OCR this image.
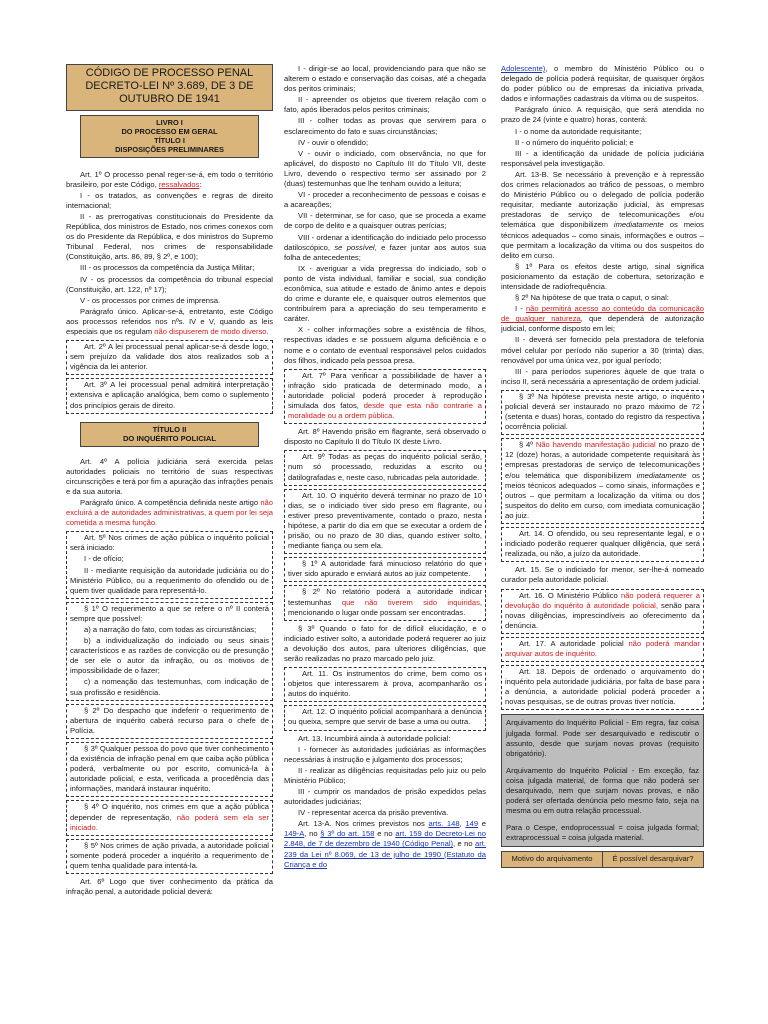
CÓDIGO DE PROCESSO PENAL DECRETO-LEI Nº 3.689, DE 3 DE OUTUBRO DE 1941
LIVRO I
DO PROCESSO EM GERAL
TÍTULO I
DISPOSIÇÕES PRELIMINARES

Art. 1º O processo penal reger-se-á, em todo o território brasileiro, por este Código, ressalvados:

I - os tratados, as convenções e regras de direito internacional;

II - as prerrogativas constitucionais do Presidente da República, dos ministros de Estado, nos crimes conexos com os do Presidente da República, e dos ministros do Supremo Tribunal Federal, nos crimes de responsabilidade (Constituição, arts. 86, 89, § 2º, e 100);

III - os processos da competência da Justiça Militar;

IV - os processos da competência do tribunal especial (Constituição, art. 122, nº 17);

V - os processos por crimes de imprensa.

Parágrafo único. Aplicar-se-á, entretanto, este Código aos processos referidos nos nºs. IV e V, quando as leis especiais que os regulam não dispuserem de modo diverso.

Art. 2º A lei processual penal aplicar-se-á desde logo, sem prejuízo da validade dos atos realizados sob a vigência da lei anterior.

Art. 3º A lei processual penal admitirá interpretação extensiva e aplicação analógica, bem como o suplemento dos princípios gerais de direito.

TÍTULO II
DO INQUÉRITO POLICIAL

Art. 4º A polícia judiciária será exercida pelas autoridades policiais no território de suas respectivas circunscrições e terá por fim a apuração das infrações penais e da sua autoria.

Parágrafo único. A competência definida neste artigo não excluirá a de autoridades administrativas, a quem por lei seja cometida a mesma função.

Art. 5º Nos crimes de ação pública o inquérito policial será iniciado:

I - de ofício;

II - mediante requisição da autoridade judiciária ou do Ministério Público, ou a requerimento do ofendido ou de quem tiver qualidade para representá-lo.

§ 1º O requerimento a que se refere o nº II conterá sempre que possível:

a) a narração do fato, com todas as circunstâncias;

b) a individualização do indiciado ou seus sinais característicos e as razões de convicção ou de presunção de ser ele o autor da infração, ou os motivos de impossibilidade de o fazer;

c) a nomeação das testemunhas, com indicação de sua profissão e residência.

§ 2º Do despacho que indeferir o requerimento de abertura de inquérito caberá recurso para o chefe de Polícia.

§ 3º Qualquer pessoa do povo que tiver conhecimento da existência de infração penal em que caiba ação pública poderá, verbalmente ou por escrito, comunicá-la à autoridade policial, e esta, verificada a procedência das informações, mandará instaurar inquérito.

§ 4º O inquérito, nos crimes em que a ação pública depender de representação, não poderá sem ela ser iniciado.

§ 5º Nos crimes de ação privada, a autoridade policial somente poderá proceder a inquérito a requerimento de quem tenha qualidade para intentá-la.

Art. 6º Logo que tiver conhecimento da prática da infração penal, a autoridade policial deverá:

I - dirigir-se ao local, providenciando para que não se alterem o estado e conservação das coisas, até a chegada dos peritos criminais;

II - apreender os objetos que tiverem relação com o fato, após liberados pelos peritos criminais;

III - colher todas as provas que servirem para o esclarecimento do fato e suas circunstâncias;

IV - ouvir o ofendido;

V - ouvir o indiciado, com observância, no que for aplicável, do disposto no Capítulo III do Título VII, deste Livro, devendo o respectivo termo ser assinado por 2 (duas) testemunhas que lhe tenham ouvido a leitura;

VI - proceder a reconhecimento de pessoas e coisas e a acareações;

VII - determinar, se for caso, que se proceda a exame de corpo de delito e a quaisquer outras perícias;

VIII - ordenar a identificação do indiciado pelo processo datiloscópico, se possível, e fazer juntar aos autos sua folha de antecedentes;

IX - averiguar a vida pregressa do indiciado, sob o ponto de vista individual, familiar e social, sua condição econômica, sua atitude e estado de ânimo antes e depois do crime e durante ele, e quaisquer outros elementos que contribuírem para a apreciação do seu temperamento e caráter.

X - colher informações sobre a existência de filhos, respectivas idades e se possuem alguma deficiência e o nome e o contato de eventual responsável pelos cuidados dos filhos, indicado pela pessoa presa.

Art. 7º Para verificar a possibilidade de haver a infração sido praticada de determinado modo, a autoridade policial poderá proceder à reprodução simulada dos fatos, desde que esta não contrarie a moralidade ou a ordem pública.

Art. 8º Havendo prisão em flagrante, será observado o disposto no Capítulo II do Título IX deste Livro.

Art. 9º Todas as peças do inquérito policial serão, num só processado, reduzidas a escrito ou datilografadas e, neste caso, rubricadas pela autoridade.

Art. 10. O inquérito deverá terminar no prazo de 10 dias, se o indiciado tiver sido preso em flagrante, ou estiver preso preventivamente, contado o prazo, nesta hipótese, a partir do dia em que se executar a ordem de prisão, ou no prazo de 30 dias, quando estiver solto, mediante fiança ou sem ela.

§ 1º A autoridade fará minucioso relatório do que tiver sido apurado e enviará autos ao juiz competente.

§ 2º No relatório poderá a autoridade indicar testemunhas que não tiverem sido inquiridas, mencionando o lugar onde possam ser encontradas.

§ 3º Quando o fato for de difícil elucidação, e o indiciado estiver solto, a autoridade poderá requerer ao juiz a devolução dos autos, para ulteriores diligências, que serão realizadas no prazo marcado pelo juiz.

Art. 11. Os instrumentos do crime, bem como os objetos que interessarem à prova, acompanharão os autos do inquérito.

Art. 12. O inquérito policial acompanhará a denúncia ou queixa, sempre que servir de base a uma ou outra.

Art. 13. Incumbirá ainda à autoridade policial:

I - fornecer às autoridades judiciárias as informações necessárias à instrução e julgamento dos processos;

II - realizar as diligências requisitadas pelo juiz ou pelo Ministério Público;

III - cumprir os mandados de prisão expedidos pelas autoridades judiciárias;

IV - representar acerca da prisão preventiva.

Art. 13-A. Nos crimes previstos nos arts. 148, 149 e 149-A, no § 3º do art. 158 e no art. 159 do Decreto-Lei no 2.848, de 7 de dezembro de 1940 (Código Penal), e no art. 239 da Lei nº 8.069, de 13 de julho de 1990 (Estatuto da Criança e do

Adolescente), o membro do Ministério Público ou o delegado de polícia poderá requisitar, de quaisquer órgãos do poder público ou de empresas da iniciativa privada, dados e informações cadastrais da vítima ou de suspeitos.

Parágrafo único. A requisição, que será atendida no prazo de 24 (vinte e quatro) horas, conterá:

I - o nome da autoridade requisitante;

II - o número do inquérito policial; e

III - a identificação da unidade de polícia judiciária responsável pela investigação.

Art. 13-B. Se necessário à prevenção e à repressão dos crimes relacionados ao tráfico de pessoas, o membro do Ministério Público ou o delegado de polícia poderão requisitar, mediante autorização judicial, às empresas prestadoras de serviço de telecomunicações e/ou telemática que disponibilizem imediatamente os meios técnicos adequados – como sinais, informações e outros – que permitam a localização da vítima ou dos suspeitos do delito em curso.

§ 1º Para os efeitos deste artigo, sinal significa posicionamento da estação de cobertura, setorização e intensidade de radiofrequência.

§ 2º Na hipótese de que trata o caput, o sinal:

I - não permitirá acesso ao conteúdo da comunicação de qualquer natureza, que dependerá de autorização judicial, conforme disposto em lei;

II - deverá ser fornecido pela prestadora de telefonia móvel celular por período não superior a 30 (trinta) dias, renovável por uma única vez, por igual período;

III - para períodos superiores àquele de que trata o inciso II, será necessária a apresentação de ordem judicial.

§ 3º Na hipótese prevista neste artigo, o inquérito policial deverá ser instaurado no prazo máximo de 72 (setenta e duas) horas, contado do registro da respectiva ocorrência policial.

§ 4º Não havendo manifestação judicial no prazo de 12 (doze) horas, a autoridade competente requisitará às empresas prestadoras de serviço de telecomunicações e/ou telemática que disponibilizem imediatamente os meios técnicos adequados – como sinais, informações e outros – que permitam a localização da vítima ou dos suspeitos do delito em curso, com imediata comunicação ao juiz.

Art. 14. O ofendido, ou seu representante legal, e o indiciado poderão requerer qualquer diligência, que será realizada, ou não, a juízo da autoridade.

Art. 15. Se o indiciado for menor, ser-lhe-á nomeado curador pela autoridade policial.

Art. 16. O Ministério Público não poderá requerer a devolução do inquérito à autoridade policial, senão para novas diligências, imprescindíveis ao oferecimento da denúncia.

Art. 17. A autoridade policial não poderá mandar arquivar autos de inquérito.

Art. 18. Depois de ordenado o arquivamento do inquérito pela autoridade judiciária, por falta de base para a denúncia, a autoridade policial poderá proceder a novas pesquisas, se de outras provas tiver notícia.

Arquivamento do Inquérito Policial - Em regra, faz coisa julgada formal. Pode ser desarquivado e rediscutir o assunto, desde que surjam novas provas (requisito obrigatório).

Arquivamento do Inquérito Policial - Em exceção, faz coisa julgada material, de forma que não poderá ser desarquivado, nem que surjam novas provas, e não poderá ser ofertada denúncia pelo mesmo fato, seja na mesma ou em outra relação processual.

Para o Cespe, endoprocessual = coisa julgada formal; extraprocessual = coisa julgada material.

Motivo do arquivamento	É possível desarquivar?
